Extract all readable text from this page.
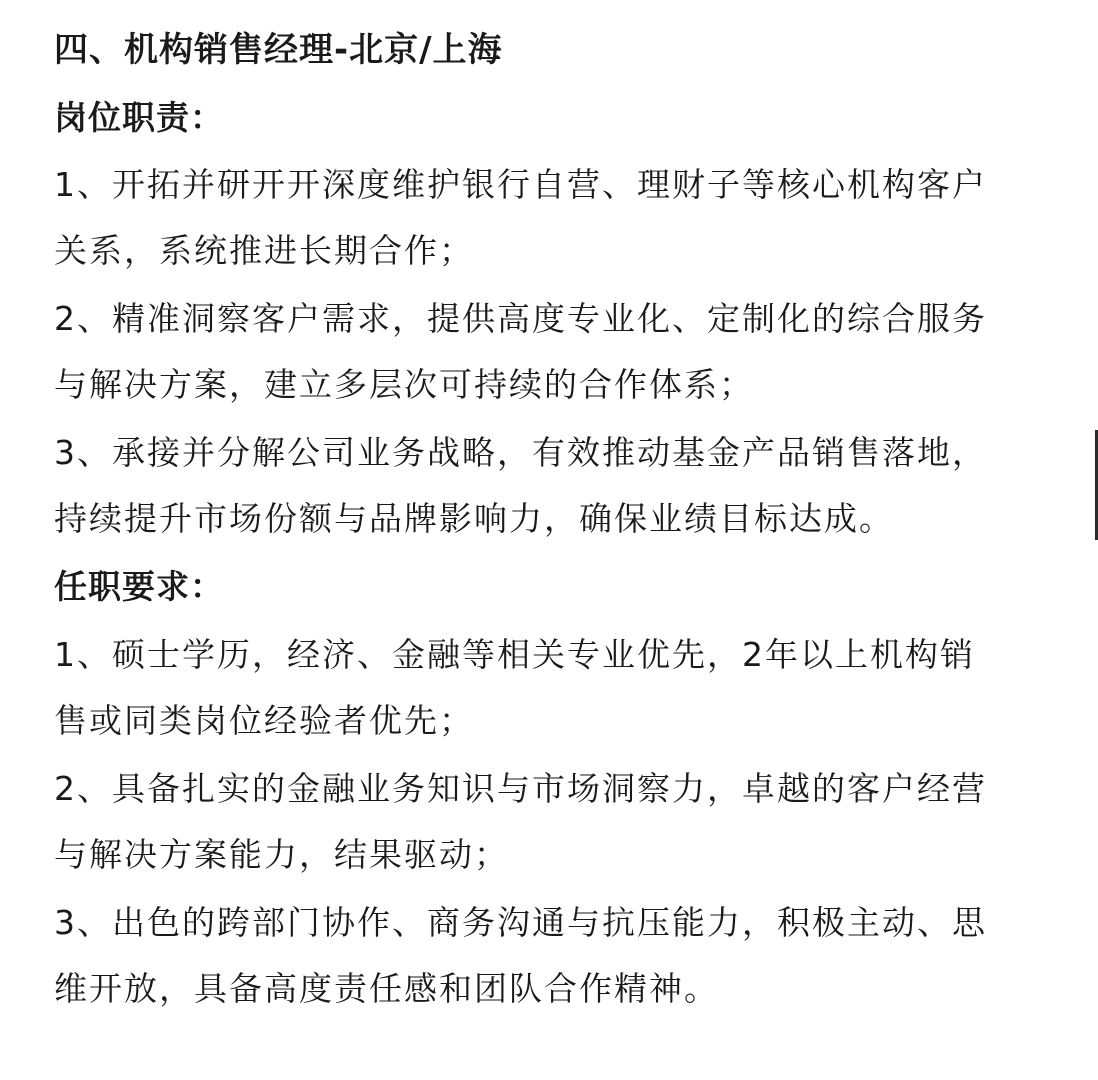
四、机构销售经理-北京/上海
岗位职责：
1、开拓并研开开深度维护银行自营、理财子等核心机构客户
关系，系统推进长期合作；
2、精准洞察客户需求，提供高度专业化、定制化的综合服务
与解决方案，建立多层次可持续的合作体系；
3、承接并分解公司业务战略，有效推动基金产品销售落地，
持续提升市场份额与品牌影响力，确保业绩目标达成。
任职要求：
1、硕士学历，经济、金融等相关专业优先，2年以上机构销
售或同类岗位经验者优先；
2、具备扎实的金融业务知识与市场洞察力，卓越的客户经营
与解决方案能力，结果驱动；
3、出色的跨部门协作、商务沟通与抗压能力，积极主动、思
维开放，具备高度责任感和团队合作精神。
